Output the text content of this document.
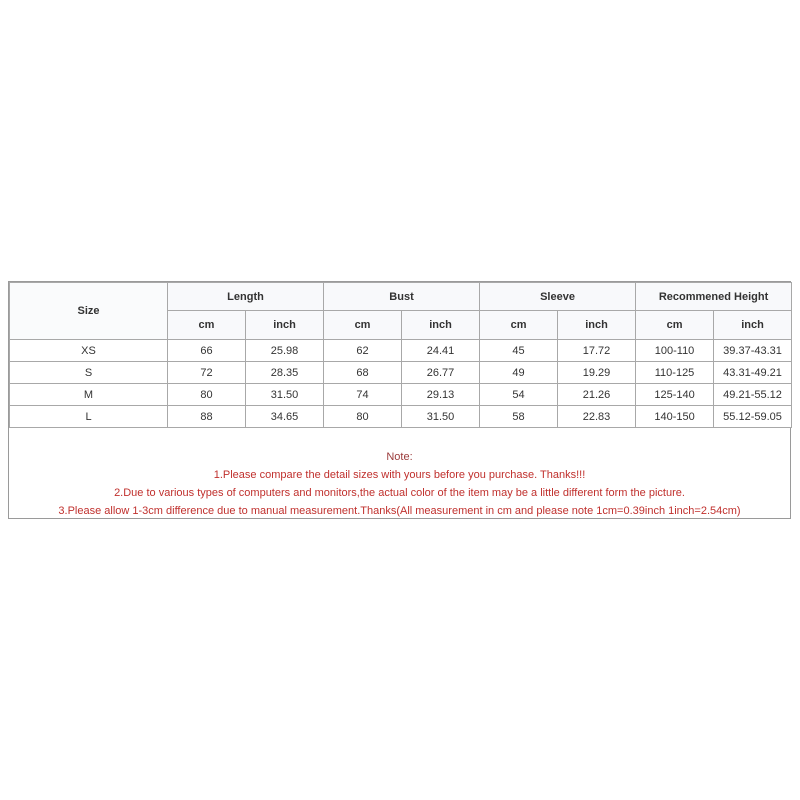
Size	Length		Bust		Sleeve		Recommened Height	
	cm	inch	cm	inch	cm	inch	cm	inch
XS	66	25.98	62	24.41	45	17.72	100-110	39.37-43.31
S	72	28.35	68	26.77	49	19.29	110-125	43.31-49.21
M	80	31.50	74	29.13	54	21.26	125-140	49.21-55.12
L	88	34.65	80	31.50	58	22.83	140-150	55.12-59.05
Note:
1.Please compare the detail sizes with yours before you purchase. Thanks!!!
2.Due to various types of computers and monitors,the actual color of the item may be a little different form the picture.
3.Please allow 1-3cm difference due to manual measurement.Thanks(All measurement in cm and please note 1cm=0.39inch 1inch=2.54cm)
